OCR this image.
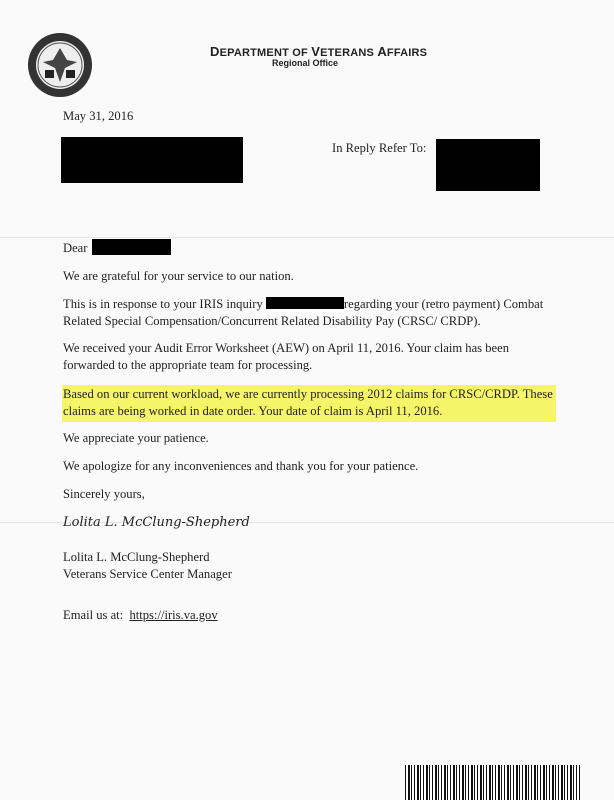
DEPARTMENT OF VETERANS AFFAIRS
Regional Office
May 31, 2016
In Reply Refer To:
Dear
We are grateful for your service to our nation.
This is in response to your IRIS inquiry	regarding your (retro payment) Combat
Related Special Compensation/Concurrent Related Disability Pay (CRSC/ CRDP).
We received your Audit Error Worksheet (AEW) on April 11, 2016. Your claim has been
forwarded to the appropriate team for processing.
Based on our current workload, we are currently processing 2012 claims for CRSC/CRDP. These
claims are being worked in date order. Your date of claim is April 11, 2016.
We appreciate your patience.
We apologize for any inconveniences and thank you for your patience.
Sincerely yours,
Lolita L. McClung-Shepherd
Lolita L. McClung-Shepherd
Veterans Service Center Manager
Email us at: https://iris.va.gov
